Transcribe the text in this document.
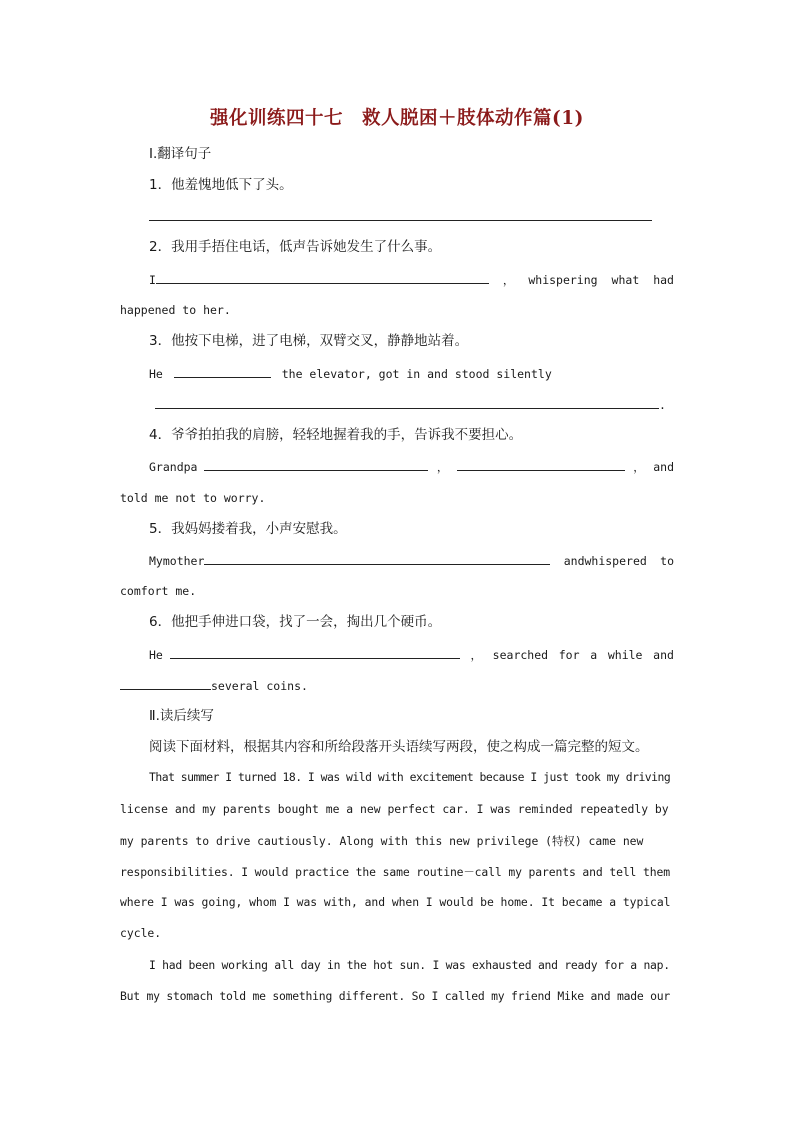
强化训练四十七　救人脱困＋肢体动作篇(1)
Ⅰ.翻译句子
1．他羞愧地低下了头。
2．我用手捂住电话，低声告诉她发生了什么事。
I	， whispering what had
happened to her.
3．他按下电梯，进了电梯，双臂交叉，静静地站着。
He	the elevator, got in and stood silently
.
4．爷爷拍拍我的肩膀，轻轻地握着我的手，告诉我不要担心。
Grandpa	，	， and
told me not to worry.
5．我妈妈搂着我，小声安慰我。
Mymother	andwhispered to
comfort me.
6．他把手伸进口袋，找了一会，掏出几个硬币。
He	， searched for a while and
several coins.
Ⅱ.读后续写
阅读下面材料，根据其内容和所给段落开头语续写两段，使之构成一篇完整的短文。
That summer I turned 18. I was wild with excitement because I just took my driving
license and my parents bought me a new perfect car. I was reminded repeatedly by
my parents to drive cautiously. Along with this new privilege (特权) came new
responsibilities. I would practice the same routine－call my parents and tell them
where I was going, whom I was with, and when I would be home. It became a typical
cycle.
I had been working all day in the hot sun. I was exhausted and ready for a nap.
But my stomach told me something different. So I called my friend Mike and made our
